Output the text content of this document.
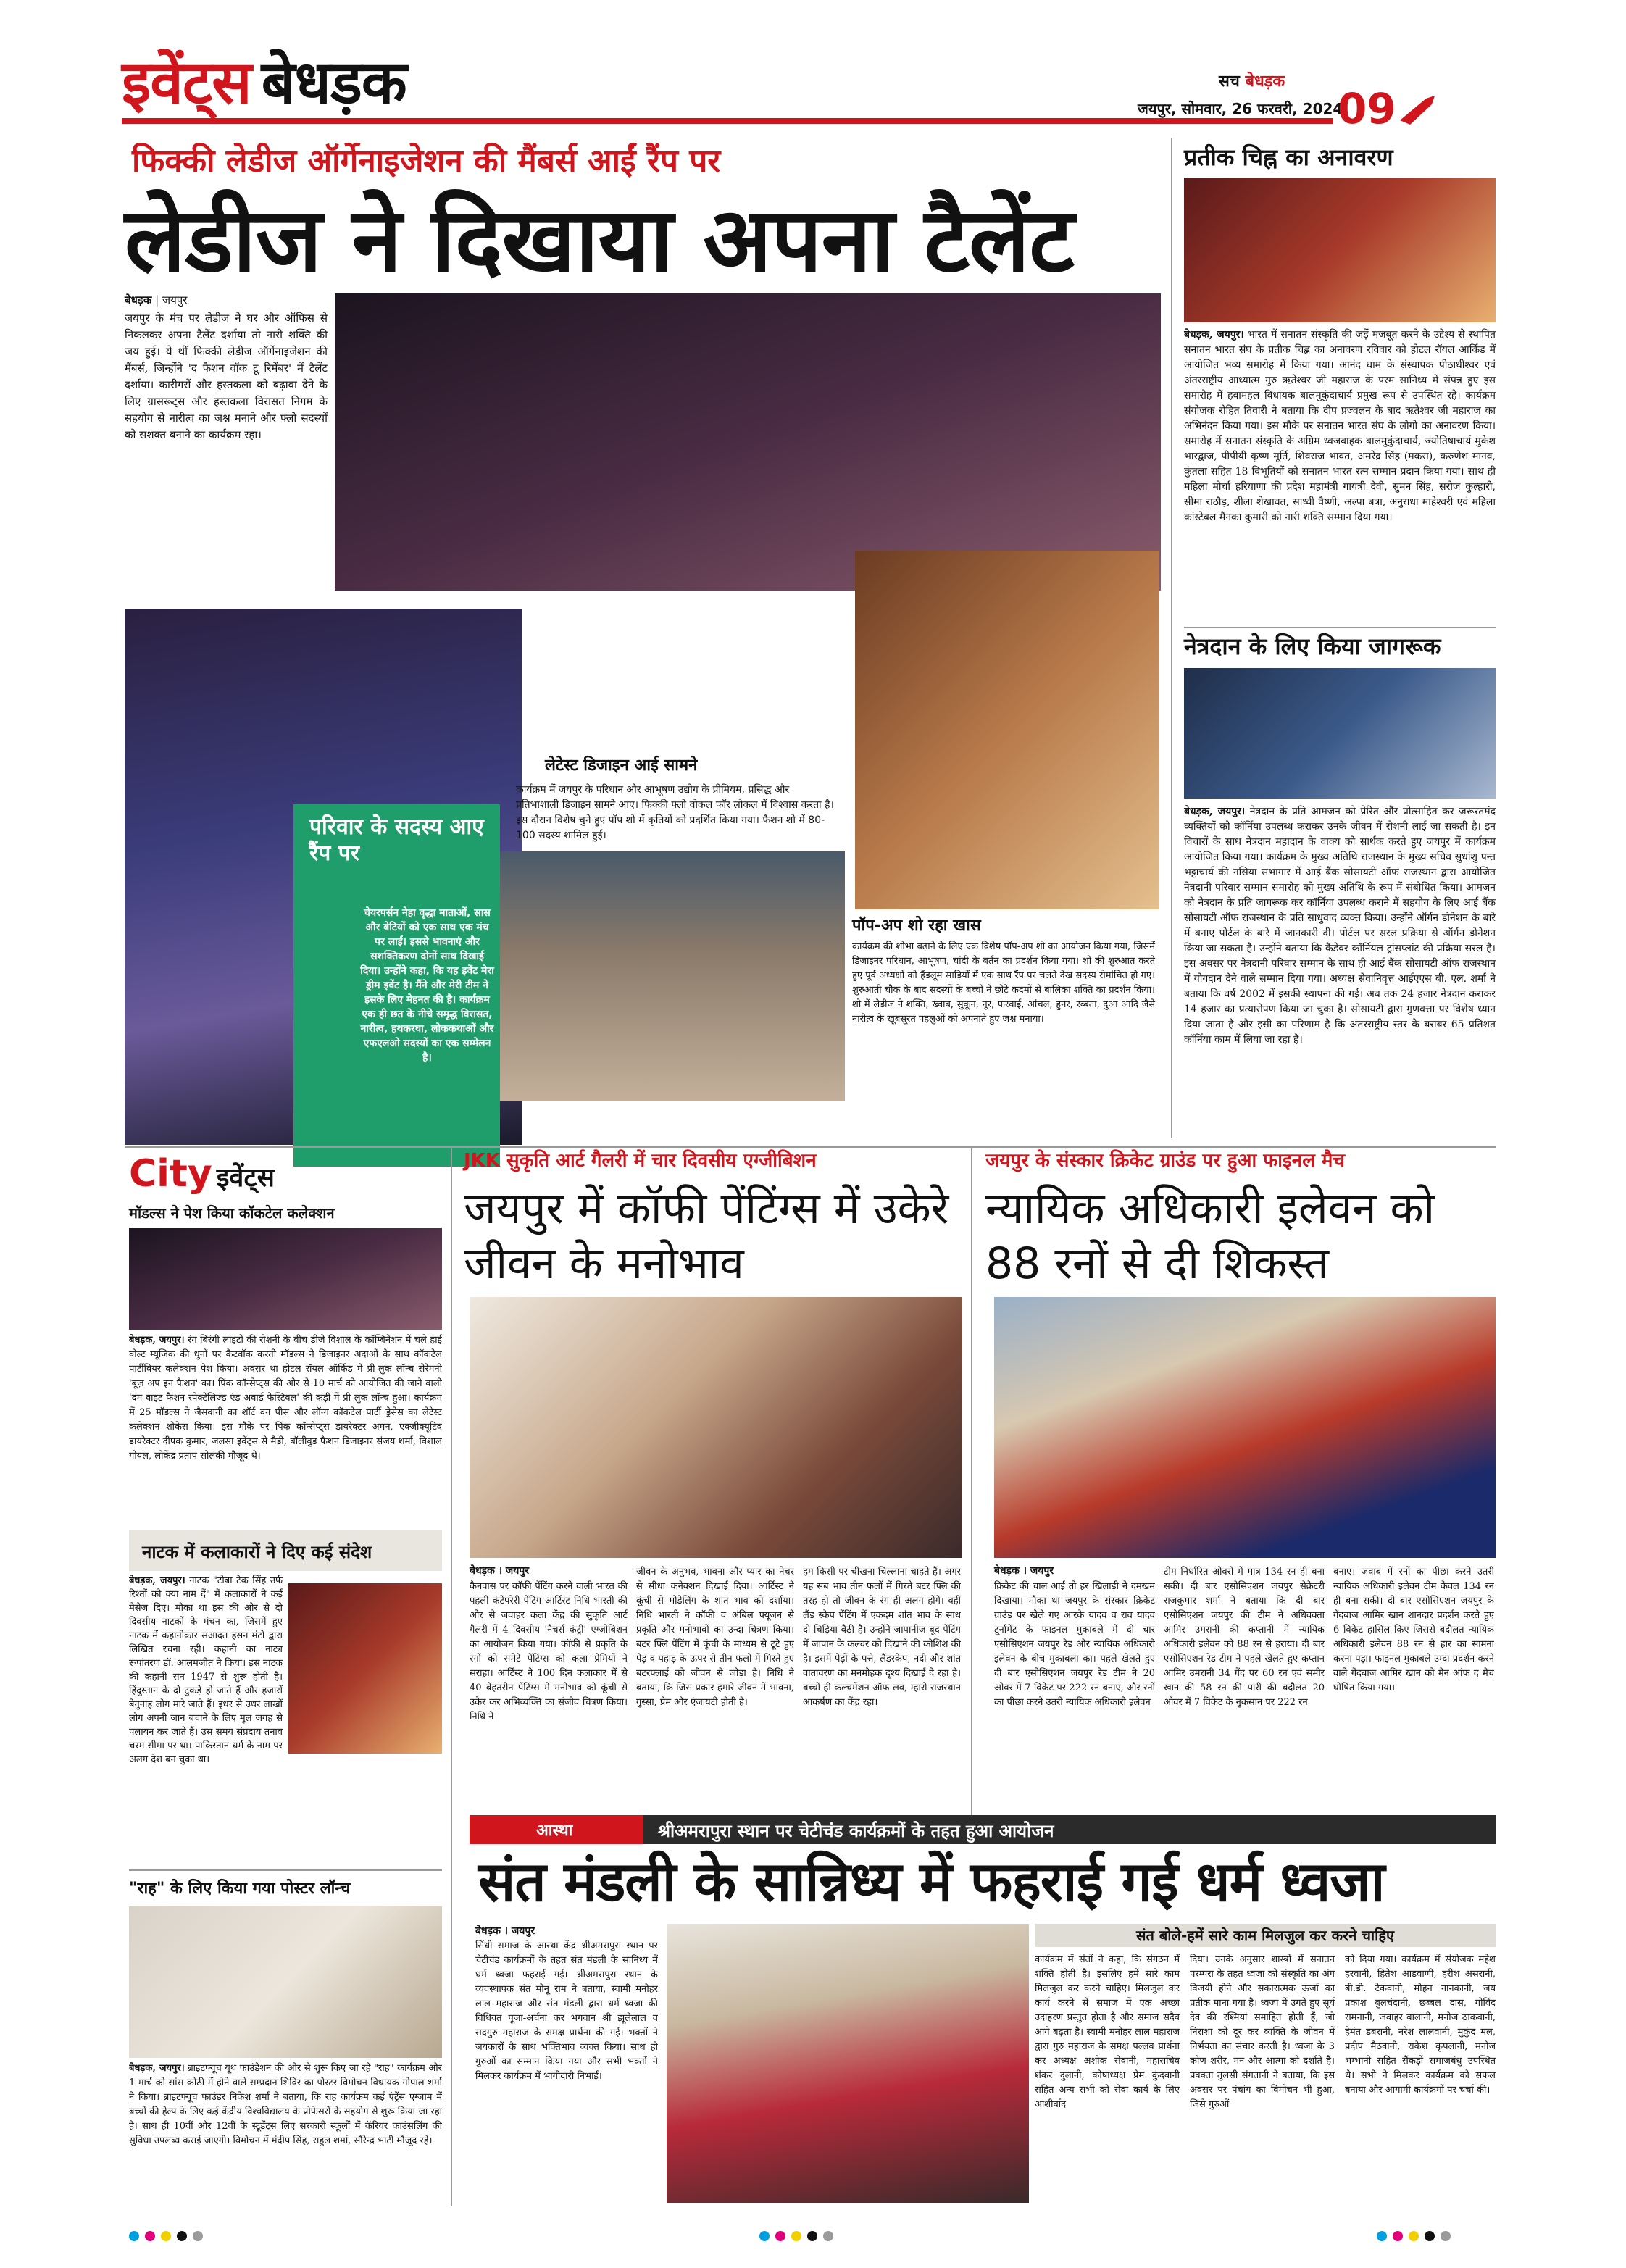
इवेंट्स बेधड़क	सच बेधड़क
जयपुर, सोमवार, 26 फरवरी, 2024
09
फिक्की लेडीज ऑर्गेनाइजेशन की मैंबर्स आईं रैंप पर
लेडीज ने दिखाया अपना टैलेंट
बेधड़क | जयपुर
जयपुर के मंच पर लेडीज ने घर और ऑफिस से निकलकर अपना टैलेंट दर्शाया तो नारी शक्ति की जय हुई। ये थीं फिक्की लेडीज ऑर्गेनाइजेशन की मैंबर्स, जिन्होंने 'द फैशन वॉक टू रिमेंबर' में टैलेंट दर्शाया। कारीगरों और हस्तकला को बढ़ावा देने के लिए ग्रासरूट्स और हस्तकला विरासत निगम के सहयोग से नारीत्व का जश्न मनाने और फ्लो सदस्यों को सशक्त बनाने का कार्यक्रम रहा।
परिवार के सदस्य आए रैंप पर
चेयरपर्सन नेहा वृद्धा माताओं, सास और बेटियों को एक साथ एक मंच पर लाईं। इससे भावनाएं और सशक्तिकरण दोनों साथ दिखाई दिया। उन्होंने कहा, कि यह इवेंट मेरा ड्रीम इवेंट है। मैंने और मेरी टीम ने इसके लिए मेहनत की है। कार्यक्रम एक ही छत के नीचे समृद्ध विरासत, नारीत्व, हथकरघा, लोककथाओं और एफएलओ सदस्यों का एक सम्मेलन है।
लेटेस्ट डिजाइन आई सामने
कार्यक्रम में जयपुर के परिधान और आभूषण उद्योग के प्रीमियम, प्रसिद्ध और प्रतिभाशाली डिजाइन सामने आए। फिक्की फ्लो वोकल फॉर लोकल में विश्वास करता है। इस दौरान विशेष चुने हुए पॉप शो में कृतियों को प्रदर्शित किया गया। फैशन शो में 80-100 सदस्य शामिल हुईं।
पॉप-अप शो रहा खास
कार्यक्रम की शोभा बढ़ाने के लिए एक विशेष पॉप-अप शो का आयोजन किया गया, जिसमें डिजाइनर परिधान, आभूषण, चांदी के बर्तन का प्रदर्शन किया गया। शो की शुरुआत करते हुए पूर्व अध्यक्षों को हैंडलूम साड़ियों में एक साथ रैंप पर चलते देख सदस्य रोमांचित हो गए। शुरुआती चौक के बाद सदस्यों के बच्चों ने छोटे कदमों से बालिका शक्ति का प्रदर्शन किया। शो में लेडीज ने शक्ति, ख्वाब, सुकून, नूर, फरवाई, आंचल, हुनर, रब्बता, दुआ आदि जैसे नारीत्व के खूबसूरत पहलुओं को अपनाते हुए जश्न मनाया।
प्रतीक चिह्न का अनावरण
बेधड़क, जयपुर। भारत में सनातन संस्कृति की जड़ें मजबूत करने के उद्देश्य से स्थापित सनातन भारत संघ के प्रतीक चिह्न का अनावरण रविवार को होटल रॉयल आर्किड में आयोजित भव्य समारोह में किया गया। आनंद धाम के संस्थापक पीठाधीश्वर एवं अंतरराष्ट्रीय आध्यात्म गुरु ऋतेश्वर जी महाराज के परम सानिध्य में संपन्न हुए इस समारोह में हवामहल विधायक बालमुकुंदाचार्य प्रमुख रूप से उपस्थित रहे। कार्यक्रम संयोजक रोहित तिवारी ने बताया कि दीप प्रज्वलन के बाद ऋतेश्वर जी महाराज का अभिनंदन किया गया। इस मौके पर सनातन भारत संघ के लोगो का अनावरण किया। समारोह में सनातन संस्कृति के अग्रिम ध्वजवाहक बालमुकुंदाचार्य, ज्योतिषाचार्य मुकेश भारद्वाज, पीपीयी कृष्ण मूर्ति, शिवराज भावत, अमरेंद्र सिंह (मकरा), करुणेश मानव, कुंतला सहित 18 विभूतियों को सनातन भारत रत्न सम्मान प्रदान किया गया। साथ ही महिला मोर्चा हरियाणा की प्रदेश महामंत्री गायत्री देवी, सुमन सिंह, सरोज कुल्हारी, सीमा राठौड़, शीला शेखावत, साध्वी वैष्णी, अल्पा बत्रा, अनुराधा माहेश्वरी एवं महिला कांस्टेबल मैनका कुमारी को नारी शक्ति सम्मान दिया गया।
नेत्रदान के लिए किया जागरूक
बेधड़क, जयपुर। नेत्रदान के प्रति आमजन को प्रेरित और प्रोत्साहित कर जरूरतमंद व्यक्तियों को कॉर्निया उपलब्ध कराकर उनके जीवन में रोशनी लाई जा सकती है। इन विचारों के साथ नेत्रदान महादान के वाक्य को सार्थक करते हुए जयपुर में कार्यक्रम आयोजित किया गया। कार्यक्रम के मुख्य अतिथि राजस्थान के मुख्य सचिव सुधांशु पन्त भट्टाचार्य की नसिया सभागार में आई बैंक सोसायटी ऑफ राजस्थान द्वारा आयोजित नेत्रदानी परिवार सम्मान समारोह को मुख्य अतिथि के रूप में संबोधित किया। आमजन को नेत्रदान के प्रति जागरूक कर कॉर्निया उपलब्ध कराने में सहयोग के लिए आई बैंक सोसायटी ऑफ राजस्थान के प्रति साधुवाद व्यक्त किया। उन्होंने ऑर्गन डोनेशन के बारे में बनाए पोर्टल के बारे में जानकारी दी। पोर्टल पर सरल प्रक्रिया से ऑर्गन डोनेशन किया जा सकता है। उन्होंने बताया कि कैडेवर कॉर्नियल ट्रांसप्लांट की प्रक्रिया सरल है। इस अवसर पर नेत्रदानी परिवार सम्मान के साथ ही आई बैंक सोसायटी ऑफ राजस्थान में योगदान देने वाले सम्मान दिया गया। अध्यक्ष सेवानिवृत्त आईएएस बी. एल. शर्मा ने बताया कि वर्ष 2002 में इसकी स्थापना की गई। अब तक 24 हजार नेत्रदान कराकर 14 हजार का प्रत्यारोपण किया जा चुका है। सोसायटी द्वारा गुणवत्ता पर विशेष ध्यान दिया जाता है और इसी का परिणाम है कि अंतरराष्ट्रीय स्तर के बराबर 65 प्रतिशत कॉर्निया काम में लिया जा रहा है।
City इवेंट्स
मॉडल्स ने पेश किया कॉकटेल कलेक्शन
बेधड़क, जयपुर। रंग बिरंगी लाइटों की रोशनी के बीच डीजे विशाल के कॉम्बिनेशन में चले हाई वोल्ट म्यूजिक की धुनों पर कैटवॉक करती मॉडल्स ने डिजाइनर अदाओं के साथ कॉकटेल पार्टीवियर कलेक्शन पेश किया। अवसर था होटल रॉयल ऑर्किड में प्री-लुक लॉन्च सेरेमनी 'बूज़ अप इन फैशन' का। पिंक कॉन्सेप्ट्स की ओर से 10 मार्च को आयोजित की जाने वाली 'दम वाइट फैशन स्पेक्टेलिज्ड एंड अवार्ड फेस्टिवल' की कड़ी में प्री लुक लॉन्च हुआ। कार्यक्रम में 25 मॉडल्स ने जैसवानी का शॉर्ट वन पीस और लॉन्ग कॉकटेल पार्टी ड्रेसेस का लेटेस्ट कलेक्शन शोकेस किया। इस मौके पर पिंक कॉन्सेप्ट्स डायरेक्टर अमन, एक्जीक्यूटिव डायरेक्टर दीपक कुमार, जलसा इवेंट्स से मैडी, बॉलीवुड फैशन डिजाइनर संजय शर्मा, विशाल गोयल, लोकेंद्र प्रताप सोलंकी मौजूद थे।
नाटक में कलाकारों ने दिए कई संदेश
बेधड़क, जयपुर। नाटक "टोबा टेक सिंह उर्फ रिश्तों को क्या नाम दें" में कलाकारों ने कई मैसेज दिए। मौका था इस की ओर से दो दिवसीय नाटकों के मंचन का, जिसमें हुए नाटक में कहानीकार सआदत हसन मंटो द्वारा लिखित रचना रही। कहानी का नाट्य रूपांतरण डॉ. आलमजीत ने किया। इस नाटक की कहानी सन 1947 से शुरू होती है। हिंदुस्तान के दो टुकड़े हो जाते हैं और हजारों बेगुनाह लोग मारे जाते हैं। इधर से उधर लाखों लोग अपनी जान बचाने के लिए मूल जगह से पलायन कर जाते हैं। उस समय संप्रदाय तनाव चरम सीमा पर था। पाकिस्तान धर्म के नाम पर अलग देश बन चुका था।
"राह" के लिए किया गया पोस्टर लॉन्च
बेधड़क, जयपुर। ब्राइटफ्यूच यूथ फाउंडेशन की ओर से शुरू किए जा रहे "राह" कार्यक्रम और 1 मार्च को सांस कोठी में होने वाले सम्प्रदान शिविर का पोस्टर विमोचन विधायक गोपाल शर्मा ने किया। ब्राइटफ्यूच फाउंडर निकेश शर्मा ने बताया, कि राह कार्यक्रम कई एंट्रेंस एग्जाम में बच्चों की हेल्प के लिए कई केंद्रीय विश्वविद्यालय के प्रोफेसरों के सहयोग से शुरू किया जा रहा है। साथ ही 10वीं और 12वीं के स्टूडेंट्स लिए सरकारी स्कूलों में कॅरियर काउंसलिंग की सुविधा उपलब्ध कराई जाएगी। विमोचन में मंदीप सिंह, राहुल शर्मा, सौरेन्द्र भाटी मौजूद रहे।
JKK सुकृति आर्ट गैलरी में चार दिवसीय एग्जीबिशन
जयपुर में कॉफी पेंटिंग्स में उकेरे जीवन के मनोभाव
बेधड़क । जयपुर
कैनवास पर कॉफी पेंटिंग करने वाली भारत की पहली कंटेंपरेरी पेंटिंग आर्टिस्ट निधि भारती की ओर से जवाहर कला केंद्र की सुकृति आर्ट गैलरी में 4 दिवसीय 'नैचर्स कंट्री' एग्जीबिशन का आयोजन किया गया। कॉफी से प्रकृति के रंगों को समेटे पेंटिंग्स को कला प्रेमियों ने सराहा। आर्टिस्ट ने 100 दिन कलाकार में से 40 बेहतरीन पेंटिंग्स में मनोभाव को कूंची से उकेर कर अभिव्यक्ति का संजीव चित्रण किया। निधि ने
जीवन के अनुभव, भावना और प्यार का नेचर से सीधा कनेक्शन दिखाई दिया। आर्टिस्ट ने कूंची से मोडेलिंग के शांत भाव को दर्शाया। निधि भारती ने कॉफी व अंबिल फ्यूजन से प्रकृति और मनोभावों का उन्दा चित्रण किया। बटर फ्लि पेंटिंग में कूंची के माध्यम से टूटे हुए पेड़ व पहाड़ के ऊपर से तीन फलों में गिरते हुए बटरफ्लाई को जीवन से जोड़ा है। निधि ने बताया, कि जिस प्रकार हमारे जीवन में भावना, गुस्सा, प्रेम और एंजायटी होती है।
हम किसी पर चीखना-चिल्लाना चाहते हैं। अगर यह सब भाव तीन फलों में गिरते बटर फ्लि की तरह हो तो जीवन के रंग ही अलग होंगे। वहीं लैंड स्केप पेंटिंग में एकदम शांत भाव के साथ दो चिड़िया बैठी है। उन्होंने जापानीज बूद पेंटिंग में जापान के कल्चर को दिखाने की कोशिश की है। इसमें पेड़ों के पत्ते, लैंडस्केप, नदी और शांत वातावरण का मनमोहक दृश्य दिखाई दे रहा है। बच्चों ही कल्चमेंशन ऑफ लव, म्हारो राजस्थान आकर्षण का केंद्र रहा।
जयपुर के संस्कार क्रिकेट ग्राउंड पर हुआ फाइनल मैच
न्यायिक अधिकारी इलेवन को 88 रनों से दी शिकस्त
बेधड़क । जयपुर
क्रिकेट की चाल आई तो हर खिलाड़ी ने दमखम दिखाया। मौका था जयपुर के संस्कार क्रिकेट ग्राउंड पर खेले गए आरके यादव व राव यादव टूर्नामेंट के फाइनल मुकाबले में दी चार एसोसिएशन जयपुर रेड और न्यायिक अधिकारी इलेवन के बीच मुकाबला का। पहले खेलते हुए दी बार एसोसिएशन जयपुर रेड टीम ने 20 ओवर में 7 विकेट पर 222 रन बनाए, और रनों का पीछा करने उतरी न्यायिक अधिकारी इलेवन
टीम निर्धारित ओवरों में मात्र 134 रन ही बना सकी। दी बार एसोसिएशन जयपुर सेक्रेटरी राजकुमार शर्मा ने बताया कि दी बार एसोसिएशन जयपुर की टीम ने अधिवक्ता आमिर उमरानी की कप्तानी में न्यायिक अधिकारी इलेवन को 88 रन से हराया। दी बार एसोसिएशन रेड टीम ने पहले खेलते हुए कप्तान आमिर उमरानी 34 गेंद पर 60 रन एवं समीर खान की 58 रन की पारी की बदौलत 20 ओवर में 7 विकेट के नुकसान पर 222 रन
बनाए। जवाब में रनों का पीछा करने उतरी न्यायिक अधिकारी इलेवन टीम केवल 134 रन ही बना सकी। दी बार एसोसिएशन जयपुर के गेंदबाज आमिर खान शानदार प्रदर्शन करते हुए 6 विकेट हासिल किए जिससे बदौलत न्यायिक अधिकारी इलेवन 88 रन से हार का सामना करना पड़ा। फाइनल मुकाबले उम्दा प्रदर्शन करने वाले गेंदबाज आमिर खान को मैन ऑफ द मैच घोषित किया गया।
आस्था	श्रीअमरापुरा स्थान पर चेटीचंड कार्यक्रमों के तहत हुआ आयोजन
संत मंडली के सान्निध्य में फहराई गई धर्म ध्वजा
बेधड़क । जयपुर
सिंधी समाज के आस्था केंद्र श्रीअमरापुरा स्थान पर चेटीचंड कार्यक्रमों के तहत संत मंडली के सानिध्य में धर्म ध्वजा फहराई गई। श्रीअमरापुरा स्थान के व्यवस्थापक संत मोनू राम ने बताया, स्वामी मनोहर लाल महाराज और संत मंडली द्वारा धर्म ध्वजा की विधिवत पूजा-अर्चना कर भगवान श्री झूलेलाल व सदगुरु महाराज के समक्ष प्रार्थना की गई। भक्तों ने जयकारों के साथ भक्तिभाव व्यक्त किया। साथ ही गुरुओं का सम्मान किया गया और सभी भक्तों ने मिलकर कार्यक्रम में भागीदारी निभाई।
संत बोले-हमें सारे काम मिलजुल कर करने चाहिए
कार्यक्रम में संतों ने कहा, कि संगठन में शक्ति होती है। इसलिए हमें सारे काम मिलजुल कर करने चाहिए। मिलजुल कर कार्य करने से समाज में एक अच्छा उदाहरण प्रस्तुत होता है और समाज सदैव आगे बढ़ता है। स्वामी मनोहर लाल महाराज द्वारा गुरु महाराज के समक्ष पल्लव प्रार्थना कर अध्यक्ष अशोक सेवानी, महासचिव शंकर दुलानी, कोषाध्यक्ष प्रेम कुंदवानी सहित अन्य सभी को सेवा कार्य के लिए आशीर्वाद
दिया। उनके अनुसार शास्त्रों में सनातन परम्परा के तहत ध्वजा को संस्कृति का अंग विजयी होने और सकारात्मक ऊर्जा का प्रतीक माना गया है। ध्वजा में उगते हुए सूर्य देव की रश्मियां समाहित होती हैं, जो निराशा को दूर कर व्यक्ति के जीवन में निर्भयता का संचार करती है। ध्वजा के 3 कोण शरीर, मन और आत्मा को दर्शाते हैं। प्रवक्ता तुलसी संगतानी ने बताया, कि इस अवसर पर पंचांग का विमोचन भी हुआ, जिसे गुरुओं
को दिया गया। कार्यक्रम में संयोजक महेश हरवानी, हितेश आडवाणी, हरीश असरानी, बी.डी. टेकवानी, मोहन नानकानी, जय प्रकाश बुलचंदानी, छब्बल दास, गोविंद रामनानी, जवाहर बालानी, मनोज ठाकवानी, हेमंत डबरानी, नरेश लालवानी, मुकुंद मल, प्रदीप मैठवानी, राकेश कृपलानी, मनोज भम्भानी सहित सैंकड़ों समाजबंधु उपस्थित थे। सभी ने मिलकर कार्यक्रम को सफल बनाया और आगामी कार्यक्रमों पर चर्चा की।
